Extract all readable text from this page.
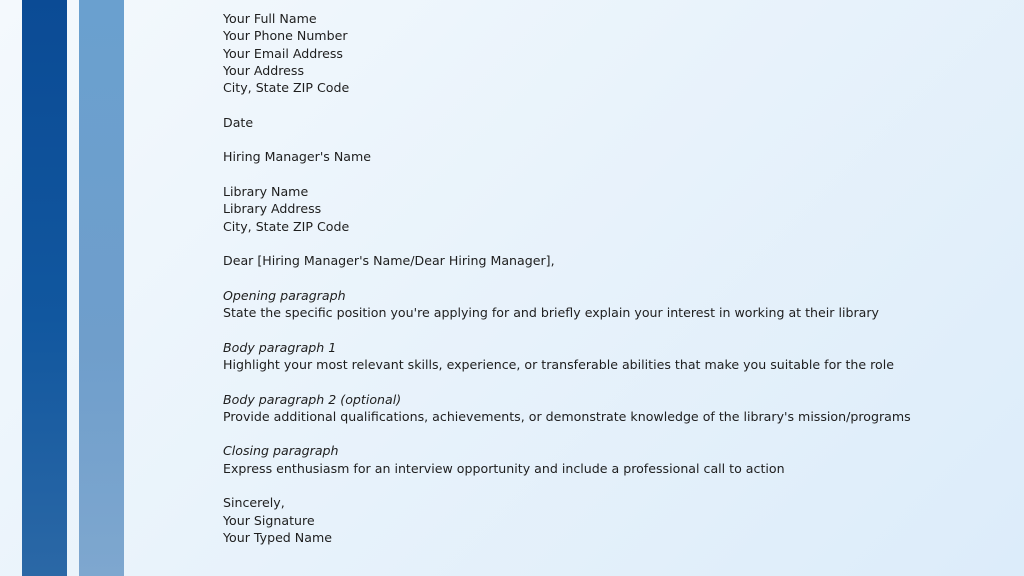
Your Full Name
Your Phone Number
Your Email Address
Your Address
City, State ZIP Code
Date
Hiring Manager's Name
Library Name
Library Address
City, State ZIP Code
Dear [Hiring Manager's Name/Dear Hiring Manager],
Opening paragraph
State the specific position you're applying for and briefly explain your interest in working at their library
Body paragraph 1
Highlight your most relevant skills, experience, or transferable abilities that make you suitable for the role
Body paragraph 2 (optional)
Provide additional qualifications, achievements, or demonstrate knowledge of the library's mission/programs
Closing paragraph
Express enthusiasm for an interview opportunity and include a professional call to action
Sincerely,
Your Signature
Your Typed Name
